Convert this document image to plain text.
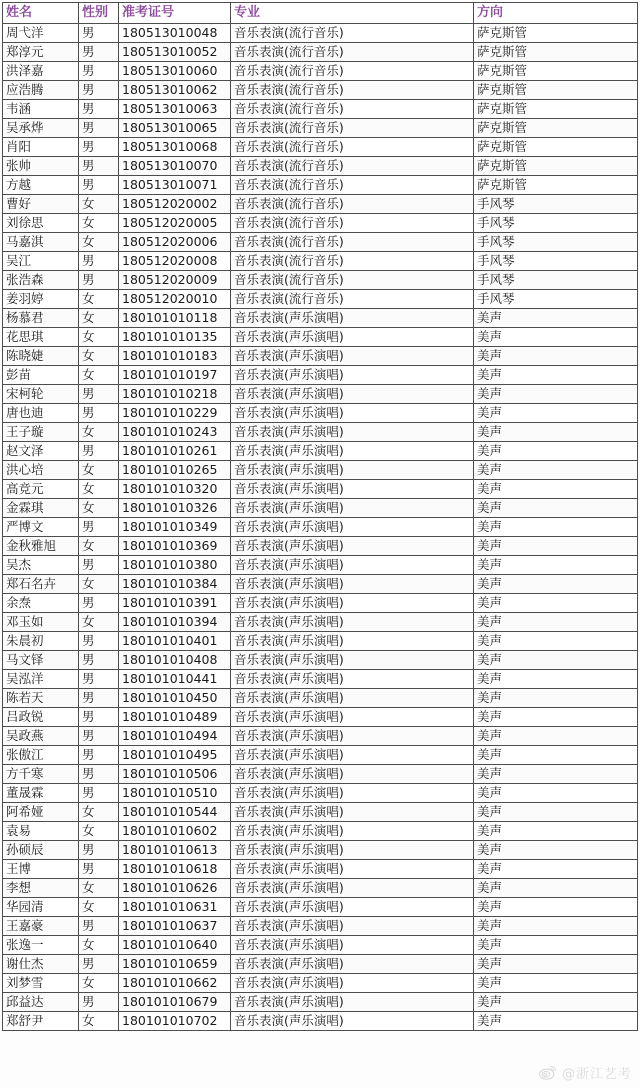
姓名	性别	准考证号	专业	方向
周弋洋	男	180513010048	音乐表演(流行音乐)	萨克斯管
郑淳元	男	180513010052	音乐表演(流行音乐)	萨克斯管
洪泽嘉	男	180513010060	音乐表演(流行音乐)	萨克斯管
应浩腾	男	180513010062	音乐表演(流行音乐)	萨克斯管
韦涵	男	180513010063	音乐表演(流行音乐)	萨克斯管
吴承烨	男	180513010065	音乐表演(流行音乐)	萨克斯管
肖阳	男	180513010068	音乐表演(流行音乐)	萨克斯管
张帅	男	180513010070	音乐表演(流行音乐)	萨克斯管
方越	男	180513010071	音乐表演(流行音乐)	萨克斯管
曹好	女	180512020002	音乐表演(流行音乐)	手风琴
刘徐思	女	180512020005	音乐表演(流行音乐)	手风琴
马嘉淇	女	180512020006	音乐表演(流行音乐)	手风琴
吴江	男	180512020008	音乐表演(流行音乐)	手风琴
张浩森	男	180512020009	音乐表演(流行音乐)	手风琴
姜羽婷	女	180512020010	音乐表演(流行音乐)	手风琴
杨慕君	女	180101010118	音乐表演(声乐演唱)	美声
花思琪	女	180101010135	音乐表演(声乐演唱)	美声
陈晓婕	女	180101010183	音乐表演(声乐演唱)	美声
彭苗	女	180101010197	音乐表演(声乐演唱)	美声
宋柯轮	男	180101010218	音乐表演(声乐演唱)	美声
唐也迪	男	180101010229	音乐表演(声乐演唱)	美声
王子璇	女	180101010243	音乐表演(声乐演唱)	美声
赵文泽	男	180101010261	音乐表演(声乐演唱)	美声
洪心培	女	180101010265	音乐表演(声乐演唱)	美声
高竞元	女	180101010320	音乐表演(声乐演唱)	美声
金霖琪	女	180101010326	音乐表演(声乐演唱)	美声
严博文	男	180101010349	音乐表演(声乐演唱)	美声
金秋雅旭	女	180101010369	音乐表演(声乐演唱)	美声
吴杰	男	180101010380	音乐表演(声乐演唱)	美声
郑石名卉	女	180101010384	音乐表演(声乐演唱)	美声
余焘	男	180101010391	音乐表演(声乐演唱)	美声
邓玉如	女	180101010394	音乐表演(声乐演唱)	美声
朱晨初	男	180101010401	音乐表演(声乐演唱)	美声
马文铎	男	180101010408	音乐表演(声乐演唱)	美声
吴泓洋	男	180101010441	音乐表演(声乐演唱)	美声
陈若天	男	180101010450	音乐表演(声乐演唱)	美声
吕政锐	男	180101010489	音乐表演(声乐演唱)	美声
吴政燕	男	180101010494	音乐表演(声乐演唱)	美声
张傲江	男	180101010495	音乐表演(声乐演唱)	美声
方千寒	男	180101010506	音乐表演(声乐演唱)	美声
董晟霖	男	180101010510	音乐表演(声乐演唱)	美声
阿希娅	女	180101010544	音乐表演(声乐演唱)	美声
袁易	女	180101010602	音乐表演(声乐演唱)	美声
孙硕辰	男	180101010613	音乐表演(声乐演唱)	美声
王博	男	180101010618	音乐表演(声乐演唱)	美声
李想	女	180101010626	音乐表演(声乐演唱)	美声
华园清	女	180101010631	音乐表演(声乐演唱)	美声
王嘉豪	男	180101010637	音乐表演(声乐演唱)	美声
张逸一	女	180101010640	音乐表演(声乐演唱)	美声
谢仕杰	男	180101010659	音乐表演(声乐演唱)	美声
刘梦雪	女	180101010662	音乐表演(声乐演唱)	美声
邱益达	男	180101010679	音乐表演(声乐演唱)	美声
郑舒尹	女	180101010702	音乐表演(声乐演唱)	美声
@浙江艺考
